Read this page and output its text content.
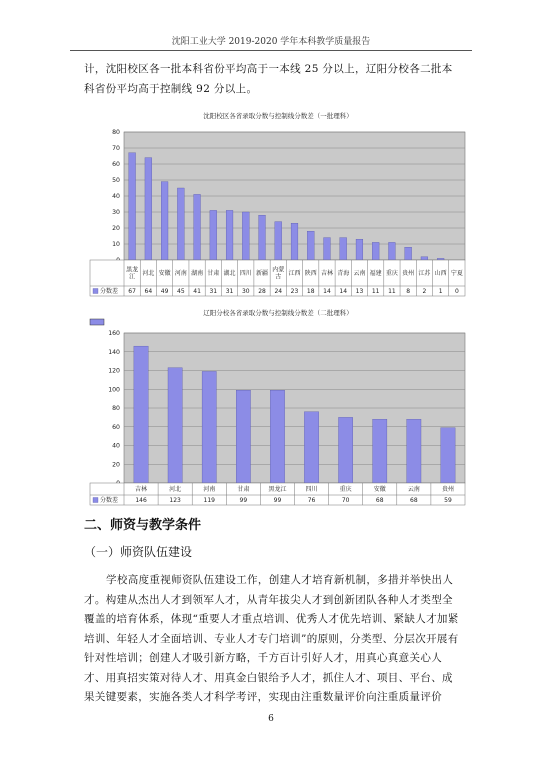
沈阳工业大学 2019-2020 学年本科教学质量报告
计，沈阳校区各一批本科省份平均高于一本线 25 分以上，辽阳分校各二批本科省份平均高于控制线 92 分以上。
沈阳校区各省录取分数与控制线分数差（一批理科）
10
20
30
40
50
60
70
80
黑龙江
67
河北
64
安徽
49
河南
45
湖南
41
甘肃
31
湖北
31
四川
30
新疆
28
内蒙古
24
江西
23
陕西
18
吉林
14
青海
14
云南
13
福建
11
重庆
11
贵州
8
江苏
2
山西
1
宁夏
0
分数差
辽阳分校各省录取分数与控制线分数差（二批理科）
20
40
60
80
100
120
140
160
吉林
146
河北
123
河南
119
甘肃
99
黑龙江
99
四川
76
重庆
70
安徽
68
云南
68
贵州
59
分数差
二、师资与教学条件
（一）师资队伍建设
学校高度重视师资队伍建设工作，创建人才培育新机制，多措并举快出人才。构建从杰出人才到领军人才，从青年拔尖人才到创新团队各种人才类型全覆盖的培育体系，体现“重要人才重点培训、优秀人才优先培训、紧缺人才加紧培训、年轻人才全面培训、专业人才专门培训”的原则，分类型、分层次开展有针对性培训；创建人才吸引新方略，千方百计引好人才，用真心真意关心人才、用真招实策对待人才、用真金白银给予人才，抓住人才、项目、平台、成果关键要素，实施各类人才科学考评，实现由注重数量评价向注重质量评价
6
